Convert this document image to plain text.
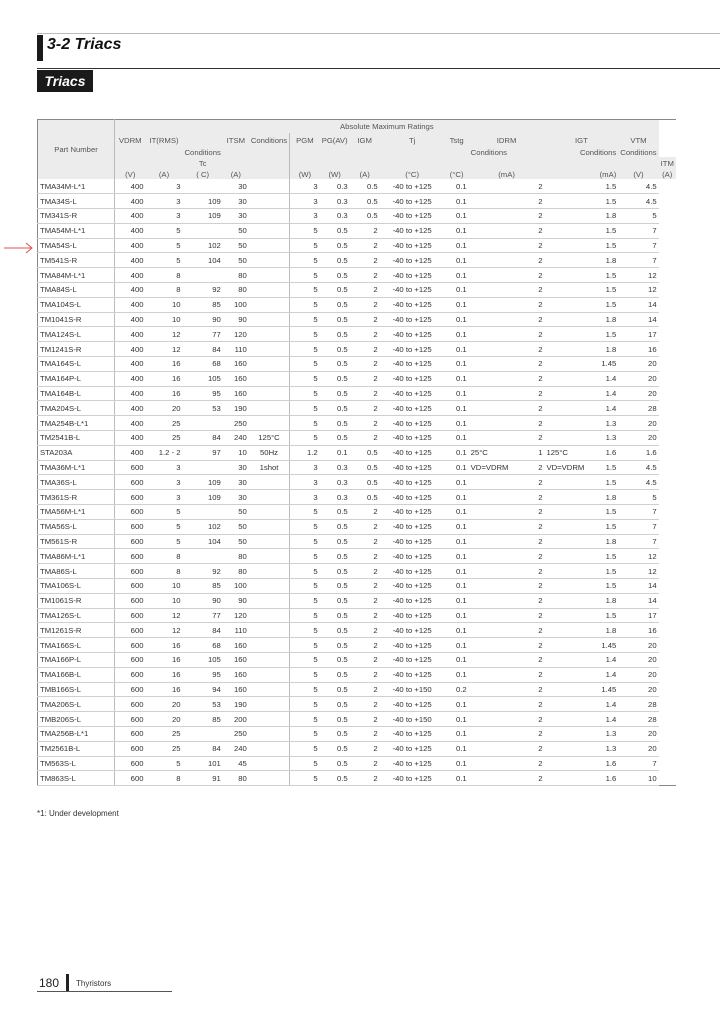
3-2 Triacs
Triacs
Part Number	Absolute Maximum Ratings															
	VDRM	IT(RMS)		ITSM	Conditions	PGM	PG(AV)	IGM	Tj	Tstg	IDRM		IGT		VTM	
			Conditions								Conditions		Conditions		Conditions	
			Tc													ITM
	(V)	(A)	( C)	(A)		(W)	(W)	(A)	(°C)	(°C)	(mA)		(mA)		(V)	(A)
TMA34M-L*1	400	3		30		3	0.3	0.5	-40 to +125	0.1		2		1.5	4.5	
TMA34S-L	400	3	109	30		3	0.3	0.5	-40 to +125	0.1		2		1.5	4.5	
TM341S-R	400	3	109	30		3	0.3	0.5	-40 to +125	0.1		2		1.8	5	
TMA54M-L*1	400	5		50		5	0.5	2	-40 to +125	0.1		2		1.5	7	
TMA54S-L	400	5	102	50		5	0.5	2	-40 to +125	0.1		2		1.5	7	
TM541S-R	400	5	104	50		5	0.5	2	-40 to +125	0.1		2		1.8	7	
TMA84M-L*1	400	8		80		5	0.5	2	-40 to +125	0.1		2		1.5	12	
TMA84S-L	400	8	92	80		5	0.5	2	-40 to +125	0.1		2		1.5	12	
TMA104S-L	400	10	85	100		5	0.5	2	-40 to +125	0.1		2		1.5	14	
TM1041S-R	400	10	90	90		5	0.5	2	-40 to +125	0.1		2		1.8	14	
TMA124S-L	400	12	77	120		5	0.5	2	-40 to +125	0.1		2		1.5	17	
TM1241S-R	400	12	84	110		5	0.5	2	-40 to +125	0.1		2		1.8	16	
TMA164S-L	400	16	68	160		5	0.5	2	-40 to +125	0.1		2		1.45	20	
TMA164P-L	400	16	105	160		5	0.5	2	-40 to +125	0.1		2		1.4	20	
TMA164B-L	400	16	95	160		5	0.5	2	-40 to +125	0.1		2		1.4	20	
TMA204S-L	400	20	53	190		5	0.5	2	-40 to +125	0.1		2		1.4	28	
TMA254B-L*1	400	25		250		5	0.5	2	-40 to +125	0.1		2		1.3	20	
TM2541B-L	400	25	84	240	125°C	5	0.5	2	-40 to +125	0.1		2		1.3	20	
STA203A	400	1.2 - 2	97	10	50Hz	1.2	0.1	0.5	-40 to +125	0.1	25°C	1	125°C	1.6	1.6	
TMA36M-L*1	600	3		30	1shot	3	0.3	0.5	-40 to +125	0.1	VD=VDRM	2	VD=VDRM	1.5	4.5	
TMA36S-L	600	3	109	30		3	0.3	0.5	-40 to +125	0.1		2		1.5	4.5	
TM361S-R	600	3	109	30		3	0.3	0.5	-40 to +125	0.1		2		1.8	5	
TMA56M-L*1	600	5		50		5	0.5	2	-40 to +125	0.1		2		1.5	7	
TMA56S-L	600	5	102	50		5	0.5	2	-40 to +125	0.1		2		1.5	7	
TM561S-R	600	5	104	50		5	0.5	2	-40 to +125	0.1		2		1.8	7	
TMA86M-L*1	600	8		80		5	0.5	2	-40 to +125	0.1		2		1.5	12	
TMA86S-L	600	8	92	80		5	0.5	2	-40 to +125	0.1		2		1.5	12	
TMA106S-L	600	10	85	100		5	0.5	2	-40 to +125	0.1		2		1.5	14	
TM1061S-R	600	10	90	90		5	0.5	2	-40 to +125	0.1		2		1.8	14	
TMA126S-L	600	12	77	120		5	0.5	2	-40 to +125	0.1		2		1.5	17	
TM1261S-R	600	12	84	110		5	0.5	2	-40 to +125	0.1		2		1.8	16	
TMA166S-L	600	16	68	160		5	0.5	2	-40 to +125	0.1		2		1.45	20	
TMA166P-L	600	16	105	160		5	0.5	2	-40 to +125	0.1		2		1.4	20	
TMA166B-L	600	16	95	160		5	0.5	2	-40 to +125	0.1		2		1.4	20	
TMB166S-L	600	16	94	160		5	0.5	2	-40 to +150	0.2		2		1.45	20	
TMA206S-L	600	20	53	190		5	0.5	2	-40 to +125	0.1		2		1.4	28	
TMB206S-L	600	20	85	200		5	0.5	2	-40 to +150	0.1		2		1.4	28	
TMA256B-L*1	600	25		250		5	0.5	2	-40 to +125	0.1		2		1.3	20	
TM2561B-L	600	25	84	240		5	0.5	2	-40 to +125	0.1		2		1.3	20	
TM563S-L	600	5	101	45		5	0.5	2	-40 to +125	0.1		2		1.6	7	
TM863S-L	600	8	91	80		5	0.5	2	-40 to +125	0.1		2		1.6	10	
*1: Under development
180 Thyristors
